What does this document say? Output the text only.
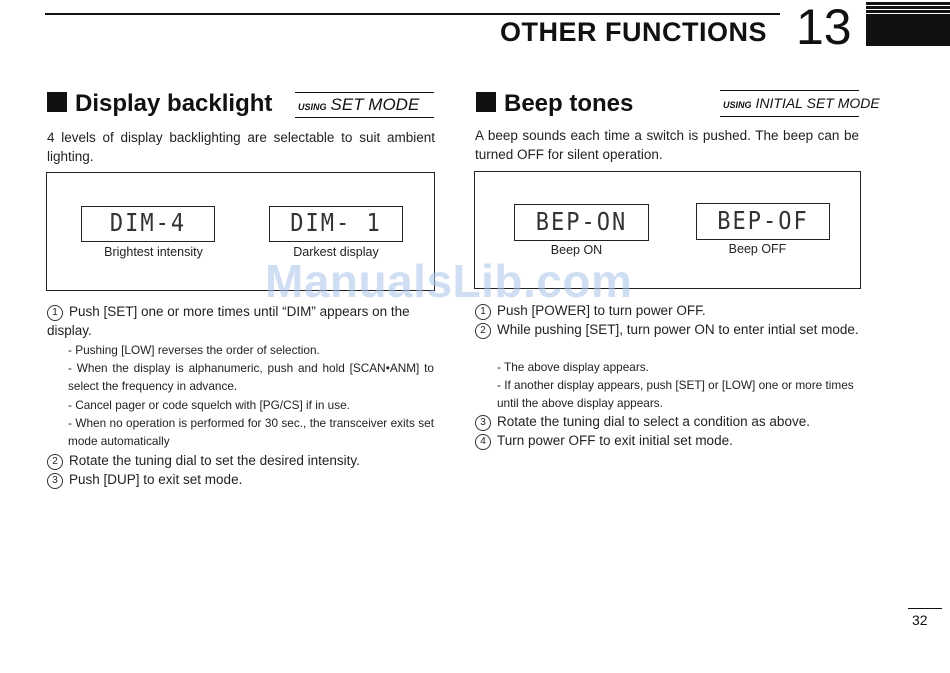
OTHER FUNCTIONS 13
Display backlight	USING SET MODE
4 levels of display backlighting are selectable to suit ambient lighting.
DIM-4
Brightest intensity
DIM- 1
Darkest display
1 Push [SET] one or more times until “DIM” appears on the display.
- Pushing [LOW] reverses the order of selection.
- When the display is alphanumeric, push and hold [SCAN•ANM] to select the frequency in advance.
- Cancel pager or code squelch with [PG/CS] if in use.
- When no operation is performed for 30 sec., the transceiver exits set mode automatically
2 Rotate the tuning dial to set the desired intensity.
3 Push [DUP] to exit set mode.
Beep tones	USING INITIAL SET MODE
A beep sounds each time a switch is pushed. The beep can be turned OFF for silent operation.
BEP-ON
Beep ON
BEP-OF
Beep OFF
1 Push [POWER] to turn power OFF.
2 While pushing [SET], turn power ON to enter intial set mode.
- The above display appears.
- If another display appears, push [SET] or [LOW] one or more times until the above display appears.
3 Rotate the tuning dial to select a condition as above.
4 Turn power OFF to exit initial set mode.
ManualsLib.com
32
